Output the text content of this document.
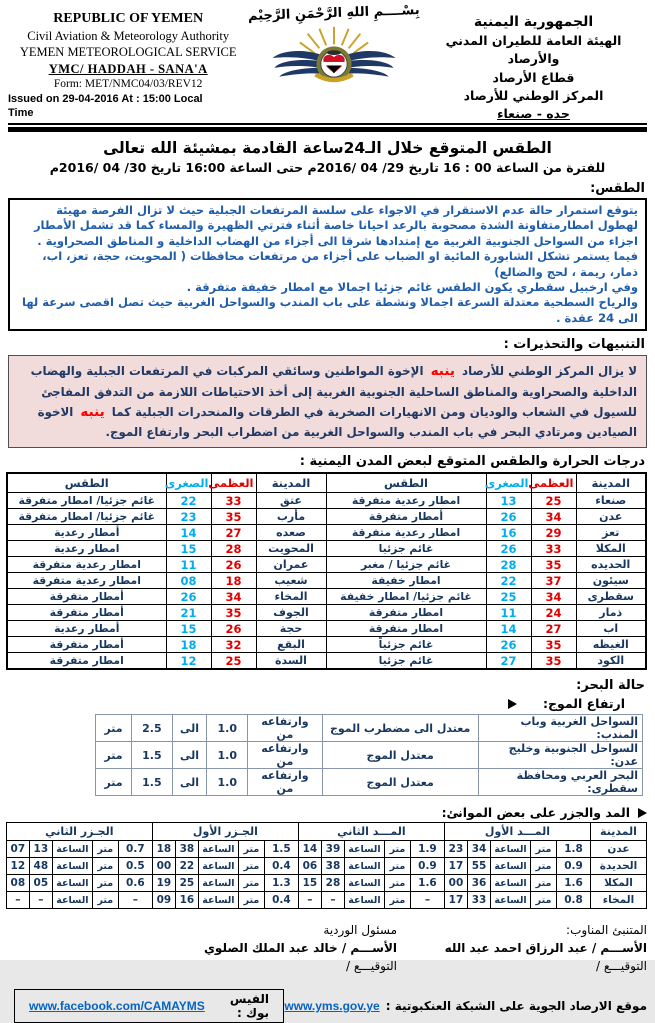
الجمهورية اليمنية
الهيئة العامة للطيران المدني والأرصاد
قطاع الأرصاد
المركز الوطني للأرصاد
حده - صنعاء
بِسْــــمِ اللهِ الرَّحْمَنِ الرَّحِيْم
REPUBLIC OF YEMEN
Civil Aviation & Meteorology Authority
YEMEN METEOROLOGICAL SERVICE
YMC/ HADDAH - SANA'A
Form: MET/NMC04/03/REV12
Issued on 29-04-2016 At : 15:00 Local
Time
الطقس المتوقع خلال الـ24ساعة القادمة بمشيئة الله تعالى
للفترة من الساعة 00 : 16 تاريخ 29/ 04 /2016م حتى الساعة 16:00 تاريخ 30/ 04 /2016م
الطقس:
يتوقع استمرار حالة عدم الاستقرار في الاجواء على سلسة المرتفعات الجبلية حيث لا تزال الفرصة مهيئة لهطول امطارمتفاوتة الشدة مصحوبة بالرعد احيانا خاصة أثناء فترتي الظهيرة والمساء كما قد تشمل الأمطار اجزاء من السواحل الجنوبية الغربية مع إمتدادها شرقا الى أجزاء من الهضاب الداخلية و المناطق الصحراوية .
فيما يستمر تشكل الشابورة المائية او الضباب على أجزاء من مرتفعات محافظات ( المحويت، حجة، تعز، اب، ذمار، ريمة ، لحج والضالع)
وفي ارخبيل سقطري يكون الطقس غائم جزئيا اجمالا مع امطار خفيفة متفرقة .
والرياح السطحية معتدلة السرعة اجمالا ونشطة على باب المندب والسواحل الغربية حيث تصل اقصى سرعة لها الى 24 عقدة .
التنبيهات والتحذيرات :
لا يزال المركز الوطني للأرصاد ينبه الإخوة المواطنين وسائقي المركبات في المرتفعات الجبلية والهضاب الداخلية والصحراوية والمناطق الساحلية الجنوبية الغربية إلى أخذ الاحتياطات اللازمة من التدفق المفاجئ للسيول في الشعاب والوديان ومن الانهيارات الصخرية في الطرقات والمنحدرات الجبلية كما ينبه الاخوة الصيادين ومرتادي البحر في باب المندب والسواحل الغربية من اضطراب البحر وارتفاع الموج.
درجات الحرارة والطقس المتوقع لبعض المدن اليمنية :
المدينة	العظمى	الصغرى	الطقس	المدينة	العظمى	الصغرى	الطقس
صنعاء	25	13	امطار رعدية متفرقة	عتق	33	22	غائم جزئيا/ امطار متفرقة
عدن	34	26	أمطار متفرقة	مأرب	35	23	غائم جزئيا/ امطار متفرقة
تعز	29	16	امطار رعدية متفرقة	صعده	27	14	أمطار رعدية
المكلا	33	26	غائم جزئيا	المحويت	28	15	امطار رعدية
الحديده	35	28	غائم جزئيا / مغبر	عمران	26	11	امطار رعدية متفرقة
سيئون	37	22	امطار خفيفة	شعيب	18	08	امطار رعدية متفرقة
سقطرى	34	25	غائم جزئيا/ امطار خفيفة	المخاء	34	26	أمطار متفرقة
ذمار	24	11	امطار متفرقة	الجوف	35	21	أمطار متفرقة
اب	27	14	امطار متفرقة	حجة	26	15	أمطار رعدية
الغيظه	35	26	غائم جزئياً	البقع	32	18	أمطار متفرقة
الكود	35	27	غائم جزئيا	السدة	25	12	امطار متفرقة
حالة البحر:
ارتفاع الموج:
السواحل الغربية وباب المندب:	معتدل الى مضطرب الموج	وارتفاعه من	1.0	الى	2.5	متر
السواحل الجنوبية وخليج عدن:	معتدل الموج	وارتفاعه من	1.0	الى	1.5	متر
البحر العربي ومحافظة سقطرى:	معتدل الموج	وارتفاعه من	1.0	الى	1.5	متر
المد والجزر على بعض الموانئ:
المدينة	المـــد الأول					المـــد الثاني					الجـزر الأول					الجـزر الثاني				
عدن	1.8	متر	الساعة	34	23	1.9	متر	الساعة	39	14	1.5	متر	الساعة	38	18	0.7	متر	الساعة	13	07
الحديدة	0.9	متر	الساعة	55	17	0.9	متر	الساعة	38	06	0.4	متر	الساعة	22	00	0.5	متر	الساعة	48	12
المكلا	1.6	متر	الساعة	36	00	1.6	متر	الساعة	28	15	1.3	متر	الساعة	25	19	0.6	متر	الساعة	05	08
المخاء	0.8	متر	الساعة	33	17	–	متر	الساعة	–	–	0.4	متر	الساعة	16	09	–	متر	الساعة	–	–
المتنبئ المناوب:
الأســـم / عبد الرزاق احمد عبد الله
التوقيـــع /
مسئول الوردية
الأســـم / خالد عبد الملك الصلوي
التوقيـــع /
موقع الارصاد الجوية على الشبكة العنكبوتية :
www.yms.gov.ye
الفيس بوك :
www.facebook.com/CAMAYMS
